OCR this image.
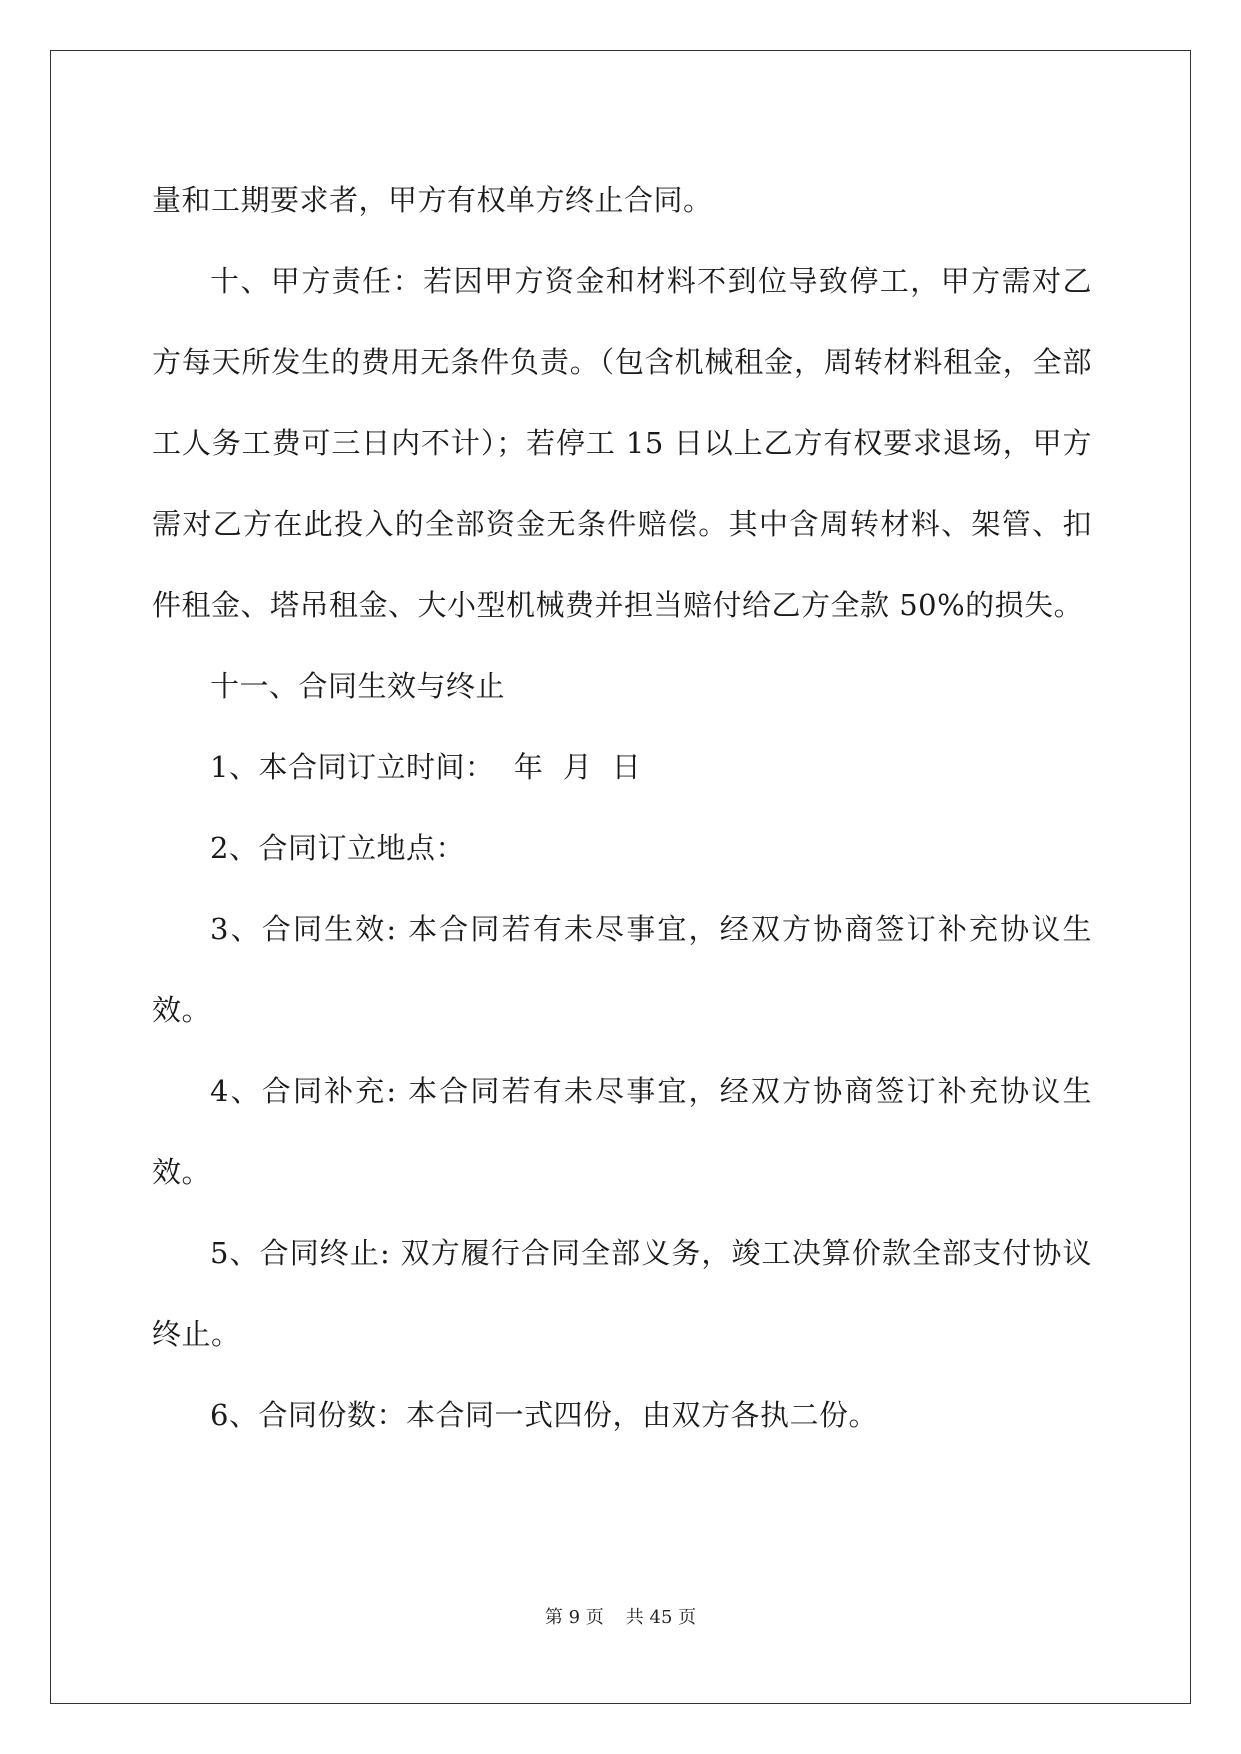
量和工期要求者，甲方有权单方终止合同。

十、甲方责任：若因甲方资金和材料不到位导致停工，甲方需对乙方每天所发生的费用无条件负责。（包含机械租金，周转材料租金，全部工人务工费可三日内不计）；若停工 15 日以上乙方有权要求退场，甲方需对乙方在此投入的全部资金无条件赔偿。其中含周转材料、架管、扣件租金、塔吊租金、大小型机械费并担当赔付给乙方全款 50%的损失。

十一、合同生效与终止

1、本合同订立时间：  年  月  日

2、合同订立地点：

3、合同生效: 本合同若有未尽事宜，经双方协商签订补充协议生效。

4、合同补充: 本合同若有未尽事宜，经双方协商签订补充协议生效。

5、合同终止: 双方履行合同全部义务，竣工决算价款全部支付协议终止。

6、合同份数：本合同一式四份，由双方各执二份。

第 9 页 共 45 页
